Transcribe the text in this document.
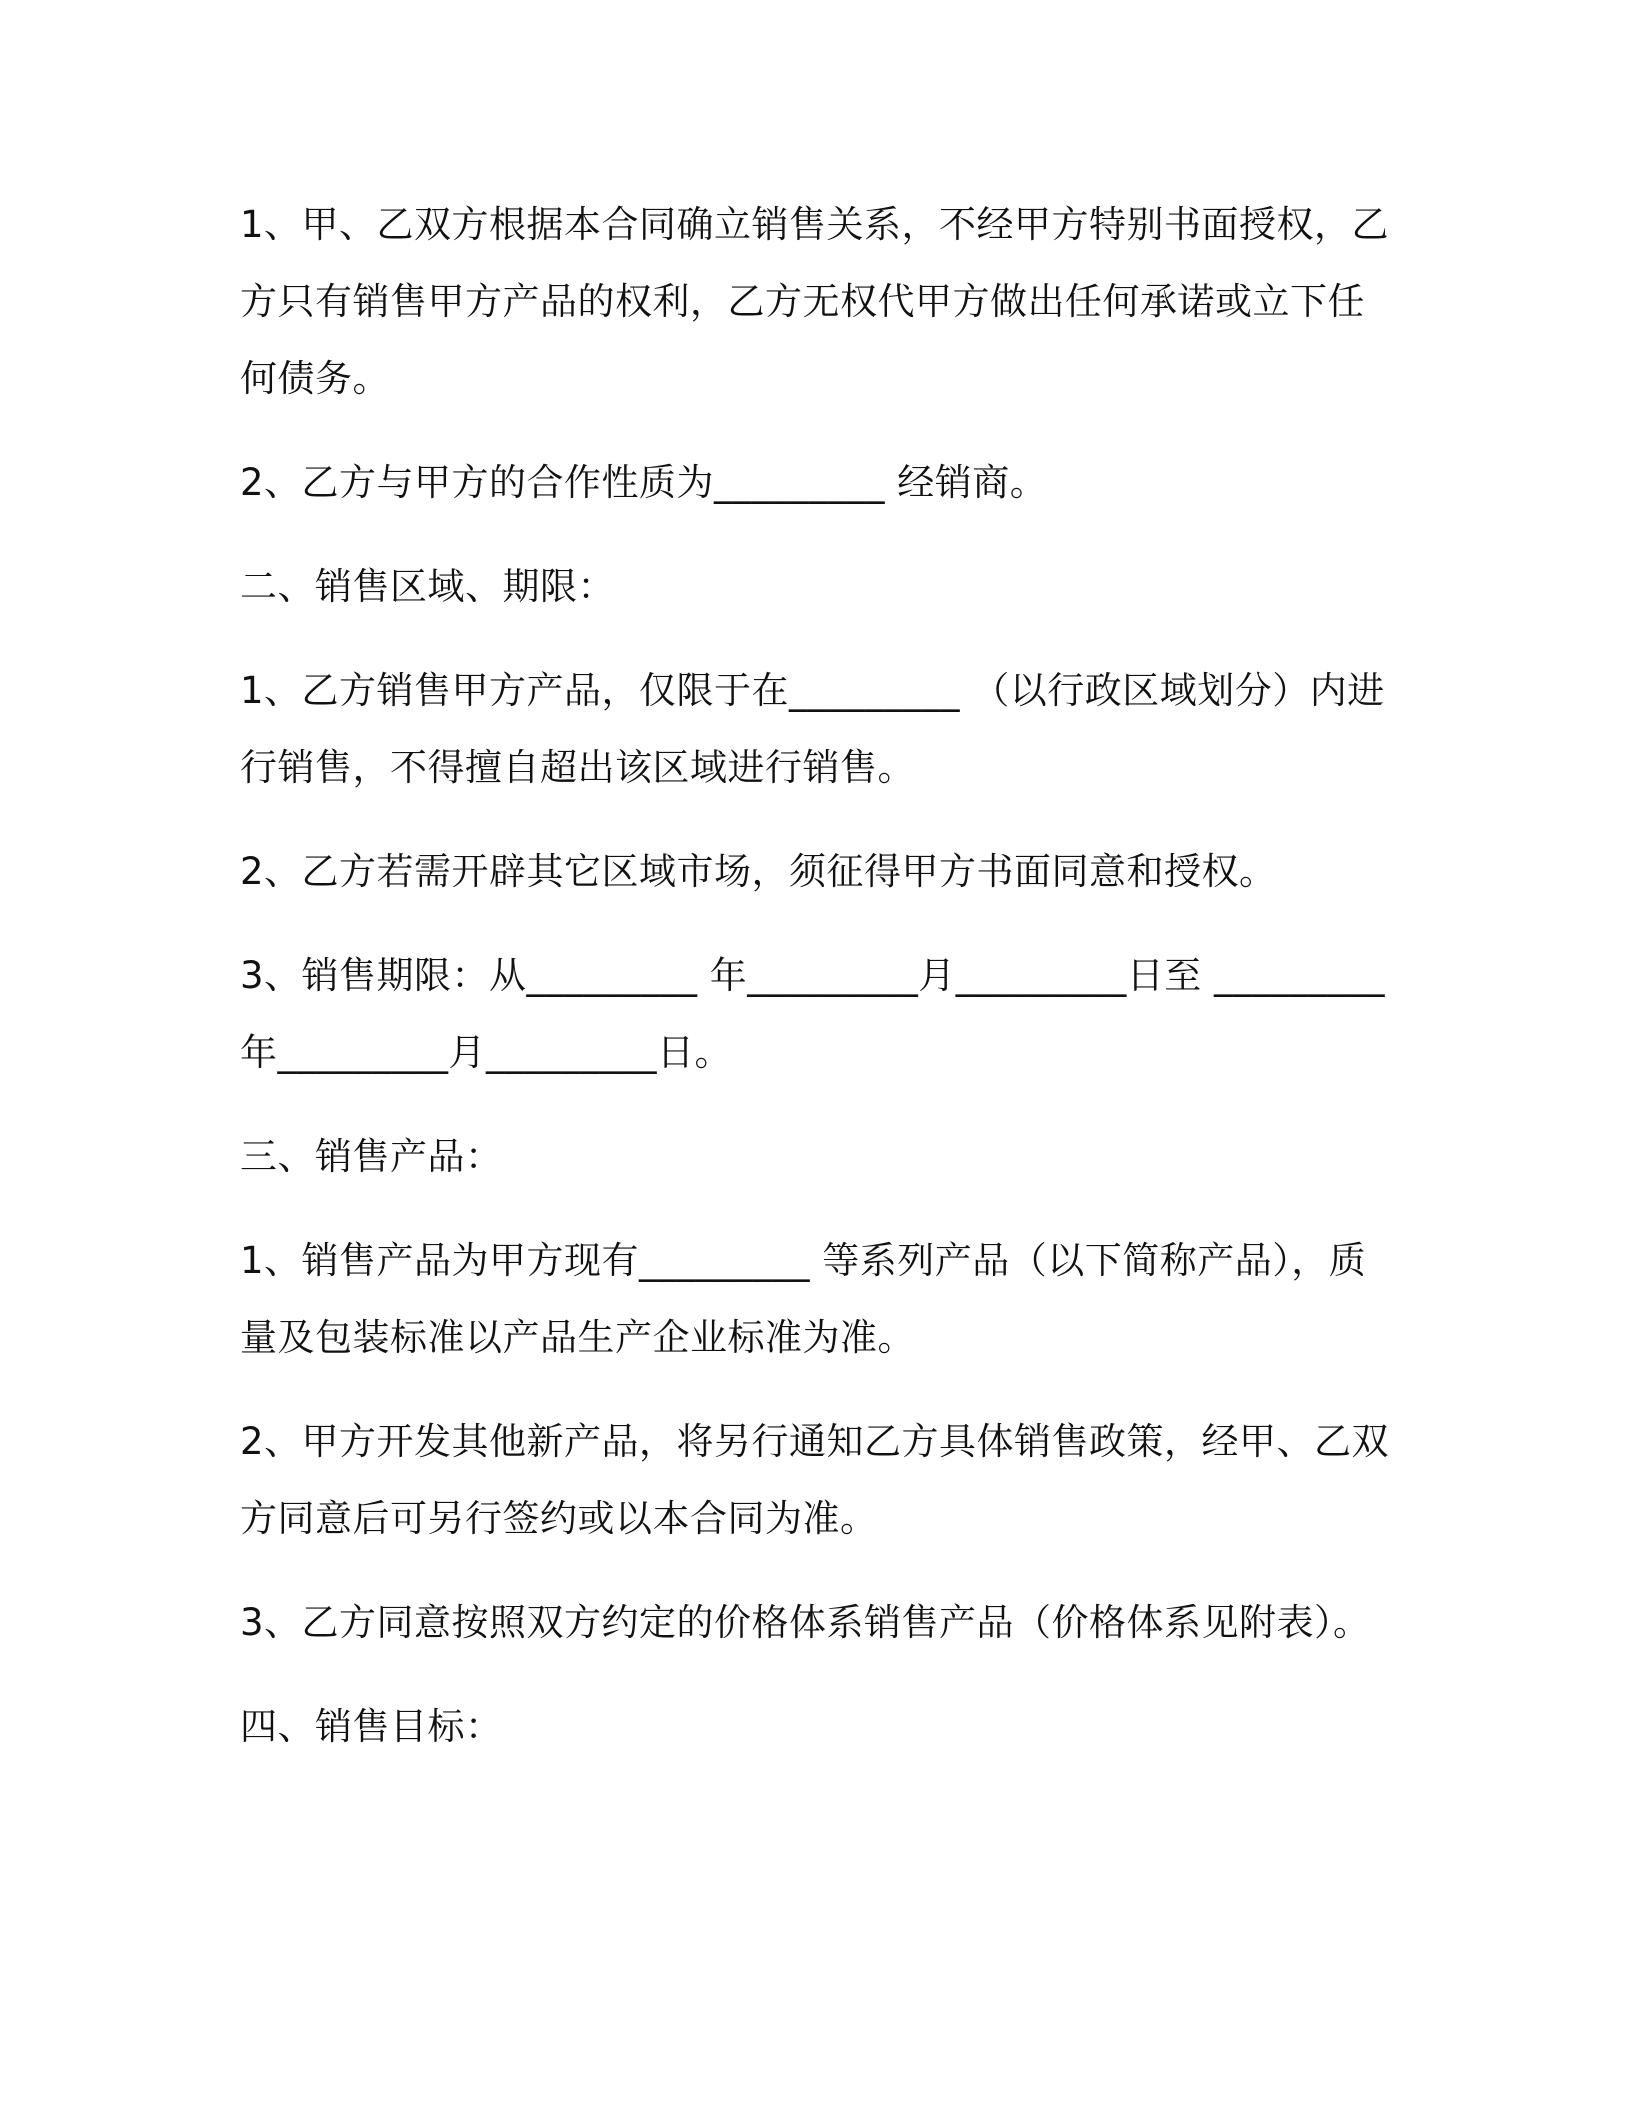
1、甲、乙双方根据本合同确立销售关系，不经甲方特别书面授权，乙方只有销售甲方产品的权利，乙方无权代甲方做出任何承诺或立下任何债务。

2、乙方与甲方的合作性质为_________ 经销商。

二、销售区域、期限：

1、乙方销售甲方产品，仅限于在_________ （以行政区域划分）内进行销售，不得擅自超出该区域进行销售。

2、乙方若需开辟其它区域市场，须征得甲方书面同意和授权。

3、销售期限：从_________ 年_________月_________日至 _________年_________月_________日。

三、销售产品：

1、销售产品为甲方现有_________ 等系列产品（以下简称产品），质量及包装标准以产品生产企业标准为准。

2、甲方开发其他新产品，将另行通知乙方具体销售政策，经甲、乙双方同意后可另行签约或以本合同为准。

3、乙方同意按照双方约定的价格体系销售产品（价格体系见附表）。

四、销售目标：
